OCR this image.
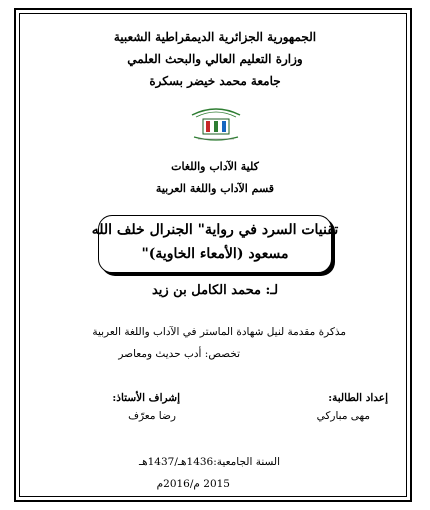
الجمهورية الجزائرية الديمقراطية الشعبية
وزارة التعليم العالي والبحث العلمي
جامعة محمد خيضر بسكرة
كلية الآداب واللغات
قسم الآداب واللغة العربية
تقنيات السرد في رواية" الجنرال خلف الله
مسعود (الأمعاء الخاوية)"
لـ: محمد الكامل بن زيد
مذكرة مقدمة لنيل شهادة الماستر في الآداب واللغة العربية
تخصص: أدب حديث ومعاصر
إعداد الطالبة:
مهى مباركي
إشراف الأستاذ:
رضا معرّف
السنة الجامعية:1436هـ/1437هـ
2015 م/2016م
